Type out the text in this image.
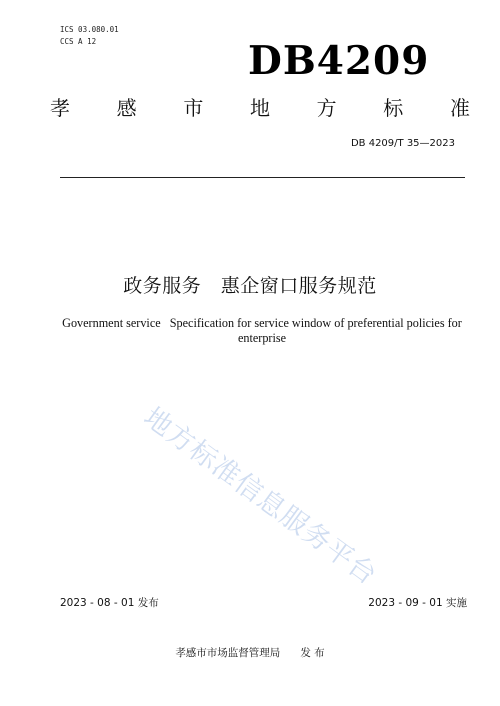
ICS 03.080.01
CCS A 12	DB4209
孝 感 市 地 方 标 准
DB 4209/T 35—2023
政务服务   惠企窗口服务规范
Government service   Specification for service window of preferential policies for
enterprise
地方标准信息服务平台
2023 - 08 - 01 发布	2023 - 09 - 01 实施
孝感市市场监督管理局      发 布
